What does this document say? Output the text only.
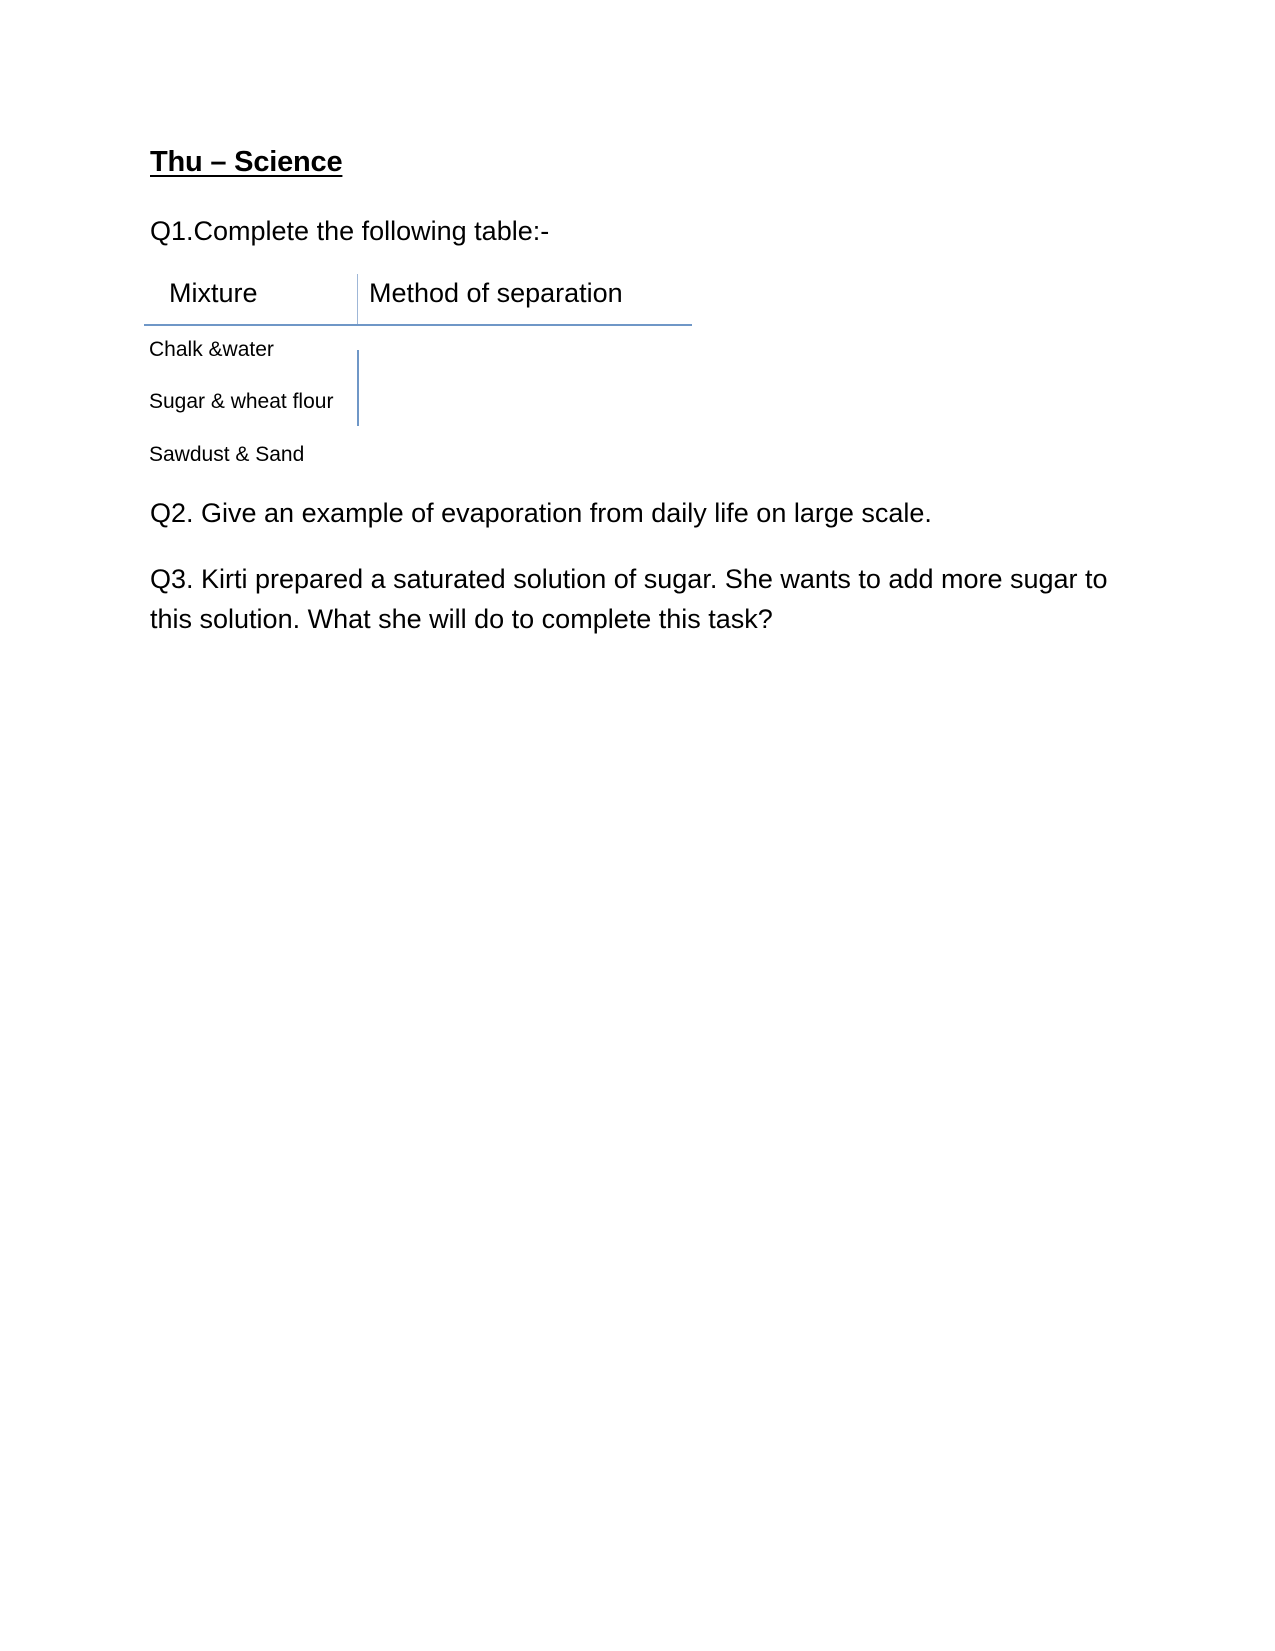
Thu – Science
Q1.Complete the following table:-
Mixture	Method of separation
Chalk &water
Sugar & wheat flour
Sawdust & Sand
Q2. Give an example of evaporation from daily life on large scale.
Q3. Kirti prepared a saturated solution of sugar. She wants to add more sugar to this solution. What she will do to complete this task?
